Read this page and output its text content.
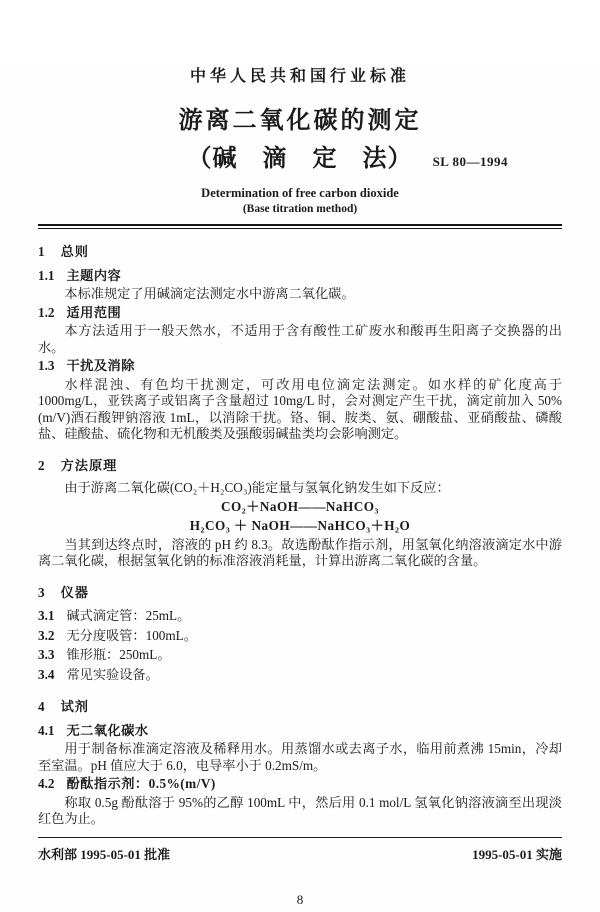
中华人民共和国行业标准
游离二氧化碳的测定
（碱　滴　定　法） SL 80—1994
Determination of free carbon dioxide
(Base titration method)
1 总则
1.1 主题内容

本标准规定了用碱滴定法测定水中游离二氧化碳。

1.2 适用范围

本方法适用于一般天然水，不适用于含有酸性工矿废水和酸再生阳离子交换器的出水。

1.3 干扰及消除

水样混浊、有色均干扰测定，可改用电位滴定法测定。如水样的矿化度高于 1000mg/L，亚铁离子或铝离子含量超过 10mg/L 时，会对测定产生干扰，滴定前加入 50%(m/V)酒石酸钾钠溶液 1mL，以消除干扰。铬、铜、胺类、氨、硼酸盐、亚硝酸盐、磷酸盐、硅酸盐、硫化物和无机酸类及强酸弱碱盐类均会影响测定。

2 方法原理

由于游离二氧化碳(CO₂＋H₂CO₃)能定量与氢氧化钠发生如下反应：

CO₂＋NaOH——NaHCO₃
H₂CO₃ ＋ NaOH——NaHCO₃＋H₂O

当其到达终点时，溶液的 pH 约 8.3。故选酚酞作指示剂，用氢氧化纳溶液滴定水中游离二氧化碳，根据氢氧化钠的标准溶液消耗量，计算出游离二氧化碳的含量。

3 仪器
3.1 碱式滴定管：25mL。
3.2 无分度吸管：100mL。
3.3 锥形瓶：250mL。
3.4 常见实验设备。
4 试剂
4.1 无二氧化碳水

用于制备标准滴定溶液及稀释用水。用蒸馏水或去离子水，临用前煮沸 15min，冷却至室温。pH 值应大于 6.0，电导率小于 0.2mS/m。

4.2 酚酞指示剂：0.5%(m/V)

称取 0.5g 酚酞溶于 95%的乙醇 100mL 中，然后用 0.1 mol/L 氢氧化钠溶液滴至出现淡红色为止。

水利部 1995-05-01 批准	1995-05-01 实施
8
